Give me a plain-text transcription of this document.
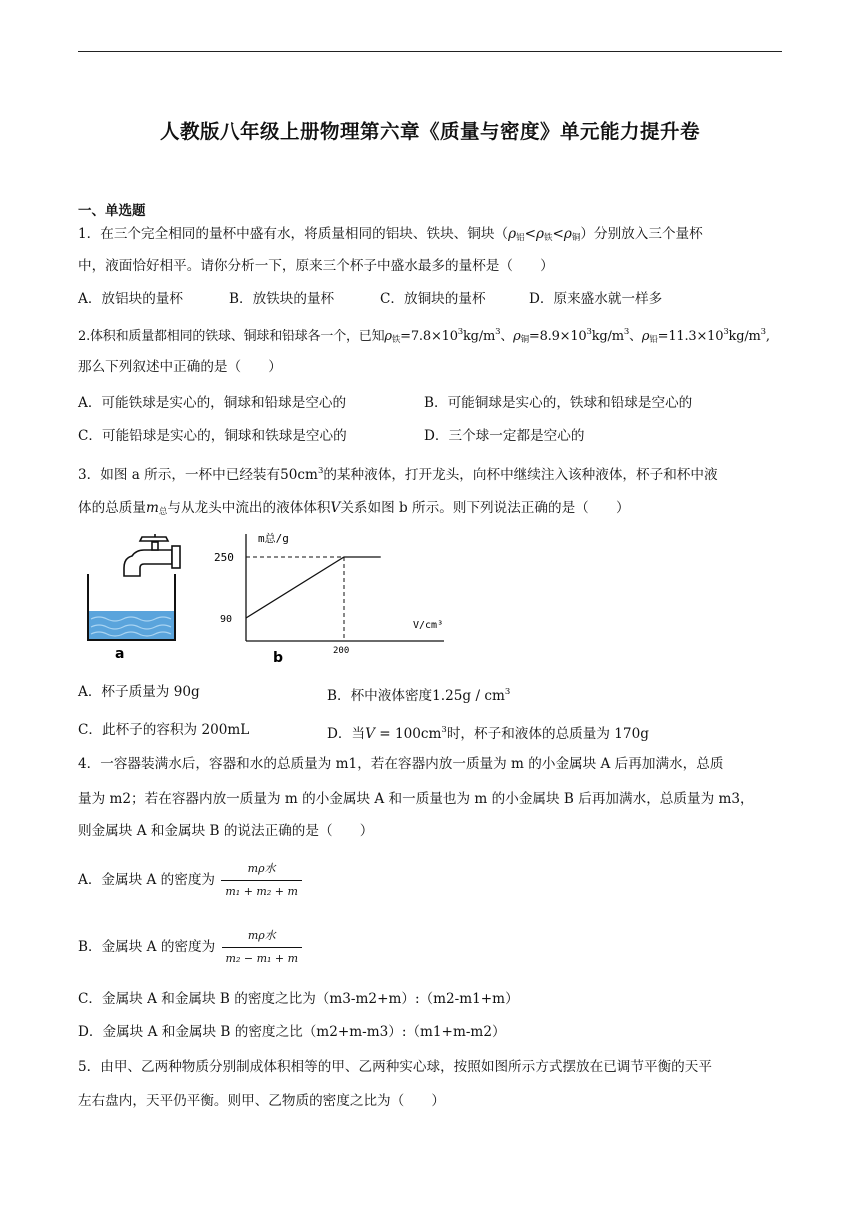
人教版八年级上册物理第六章《质量与密度》单元能力提升卷
一、单选题
1．在三个完全相同的量杯中盛有水，将质量相同的铝块、铁块、铜块$(\rho_铝<\rho_铁<\rho_铜)$分别放入三个量杯
中，液面恰好相平。请你分析一下，原来三个杯子中盛水最多的量杯是（　　）
A．放铝块的量杯	B．放铁块的量杯	C．放铜块的量杯	D．原来盛水就一样多
2.体积和质量都相同的铁球、铜球和铅球各一个，已知$\rho_铁=7.8\times 10^3kg/m^3$、$\rho_铜=8.9\times 10^3kg/m^3$、$\rho_铅=11.3\times 10^3kg/m^3$,
那么下列叙述中正确的是（　　）
A．可能铁球是实心的，铜球和铅球是空心的	B．可能铜球是实心的，铁球和铅球是空心的
C．可能铅球是实心的，铜球和铁球是空心的	D．三个球一定都是空心的
3．如图 a 所示，一杯中已经装有$50cm^3$的某种液体，打开龙头，向杯中继续注入该种液体，杯子和杯中液
体的总质量$m_总$与从龙头中流出的液体体积V关系如图 b 所示。则下列说法正确的是（　　）
a
m总/g
V/cm³
250
90
200
b
A．杯子质量为 90g	B．杯中液体密度$1.25g / cm^3$
C．此杯子的容积为 200mL	D．当$V = 100cm^3$时，杯子和液体的总质量为 170g
4．一容器装满水后，容器和水的总质量为 m1，若在容器内放一质量为 m 的小金属块 A 后再加满水，总质
量为 m2；若在容器内放一质量为 m 的小金属块 A 和一质量也为 m 的小金属块 B 后再加满水，总质量为 m3，
则金属块 A 和金属块 B 的说法正确的是（　　）
A．金属块 A 的密度为 $\frac{\text{mρ水}}{\text{m₁ + m₂ + m}}$
B．金属块 A 的密度为 $\frac{\text{mρ水}}{\text{m₂ − m₁ + m}}$
C．金属块 A 和金属块 B 的密度之比为（m3-m2+m）:（m2-m1+m）
D．金属块 A 和金属块 B 的密度之比（m2+m-m3）:（m1+m-m2）
5．由甲、乙两种物质分别制成体积相等的甲、乙两种实心球，按照如图所示方式摆放在已调节平衡的天平
左右盘内，天平仍平衡。则甲、乙物质的密度之比为（　　）
